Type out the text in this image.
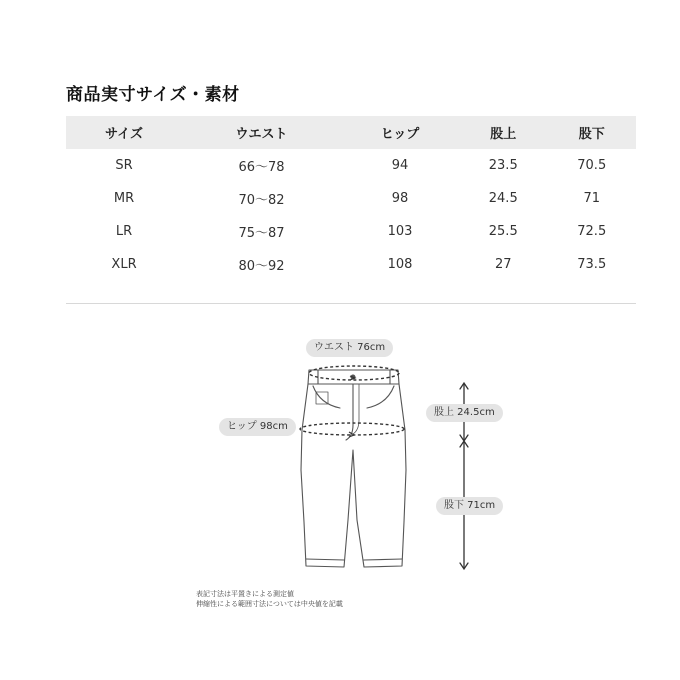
商品実寸サイズ・素材
サイズ	ウエスト	ヒップ	股上	股下
SR	66〜78	94	23.5	70.5
MR	70〜82	98	24.5	71
LR	75〜87	103	25.5	72.5
XLR	80〜92	108	27	73.5
ウエスト 76cm
ヒップ 98cm
股上 24.5cm
股下 71cm
表記寸法は平置きによる測定値
伸縮性による範囲寸法については中央値を記載
